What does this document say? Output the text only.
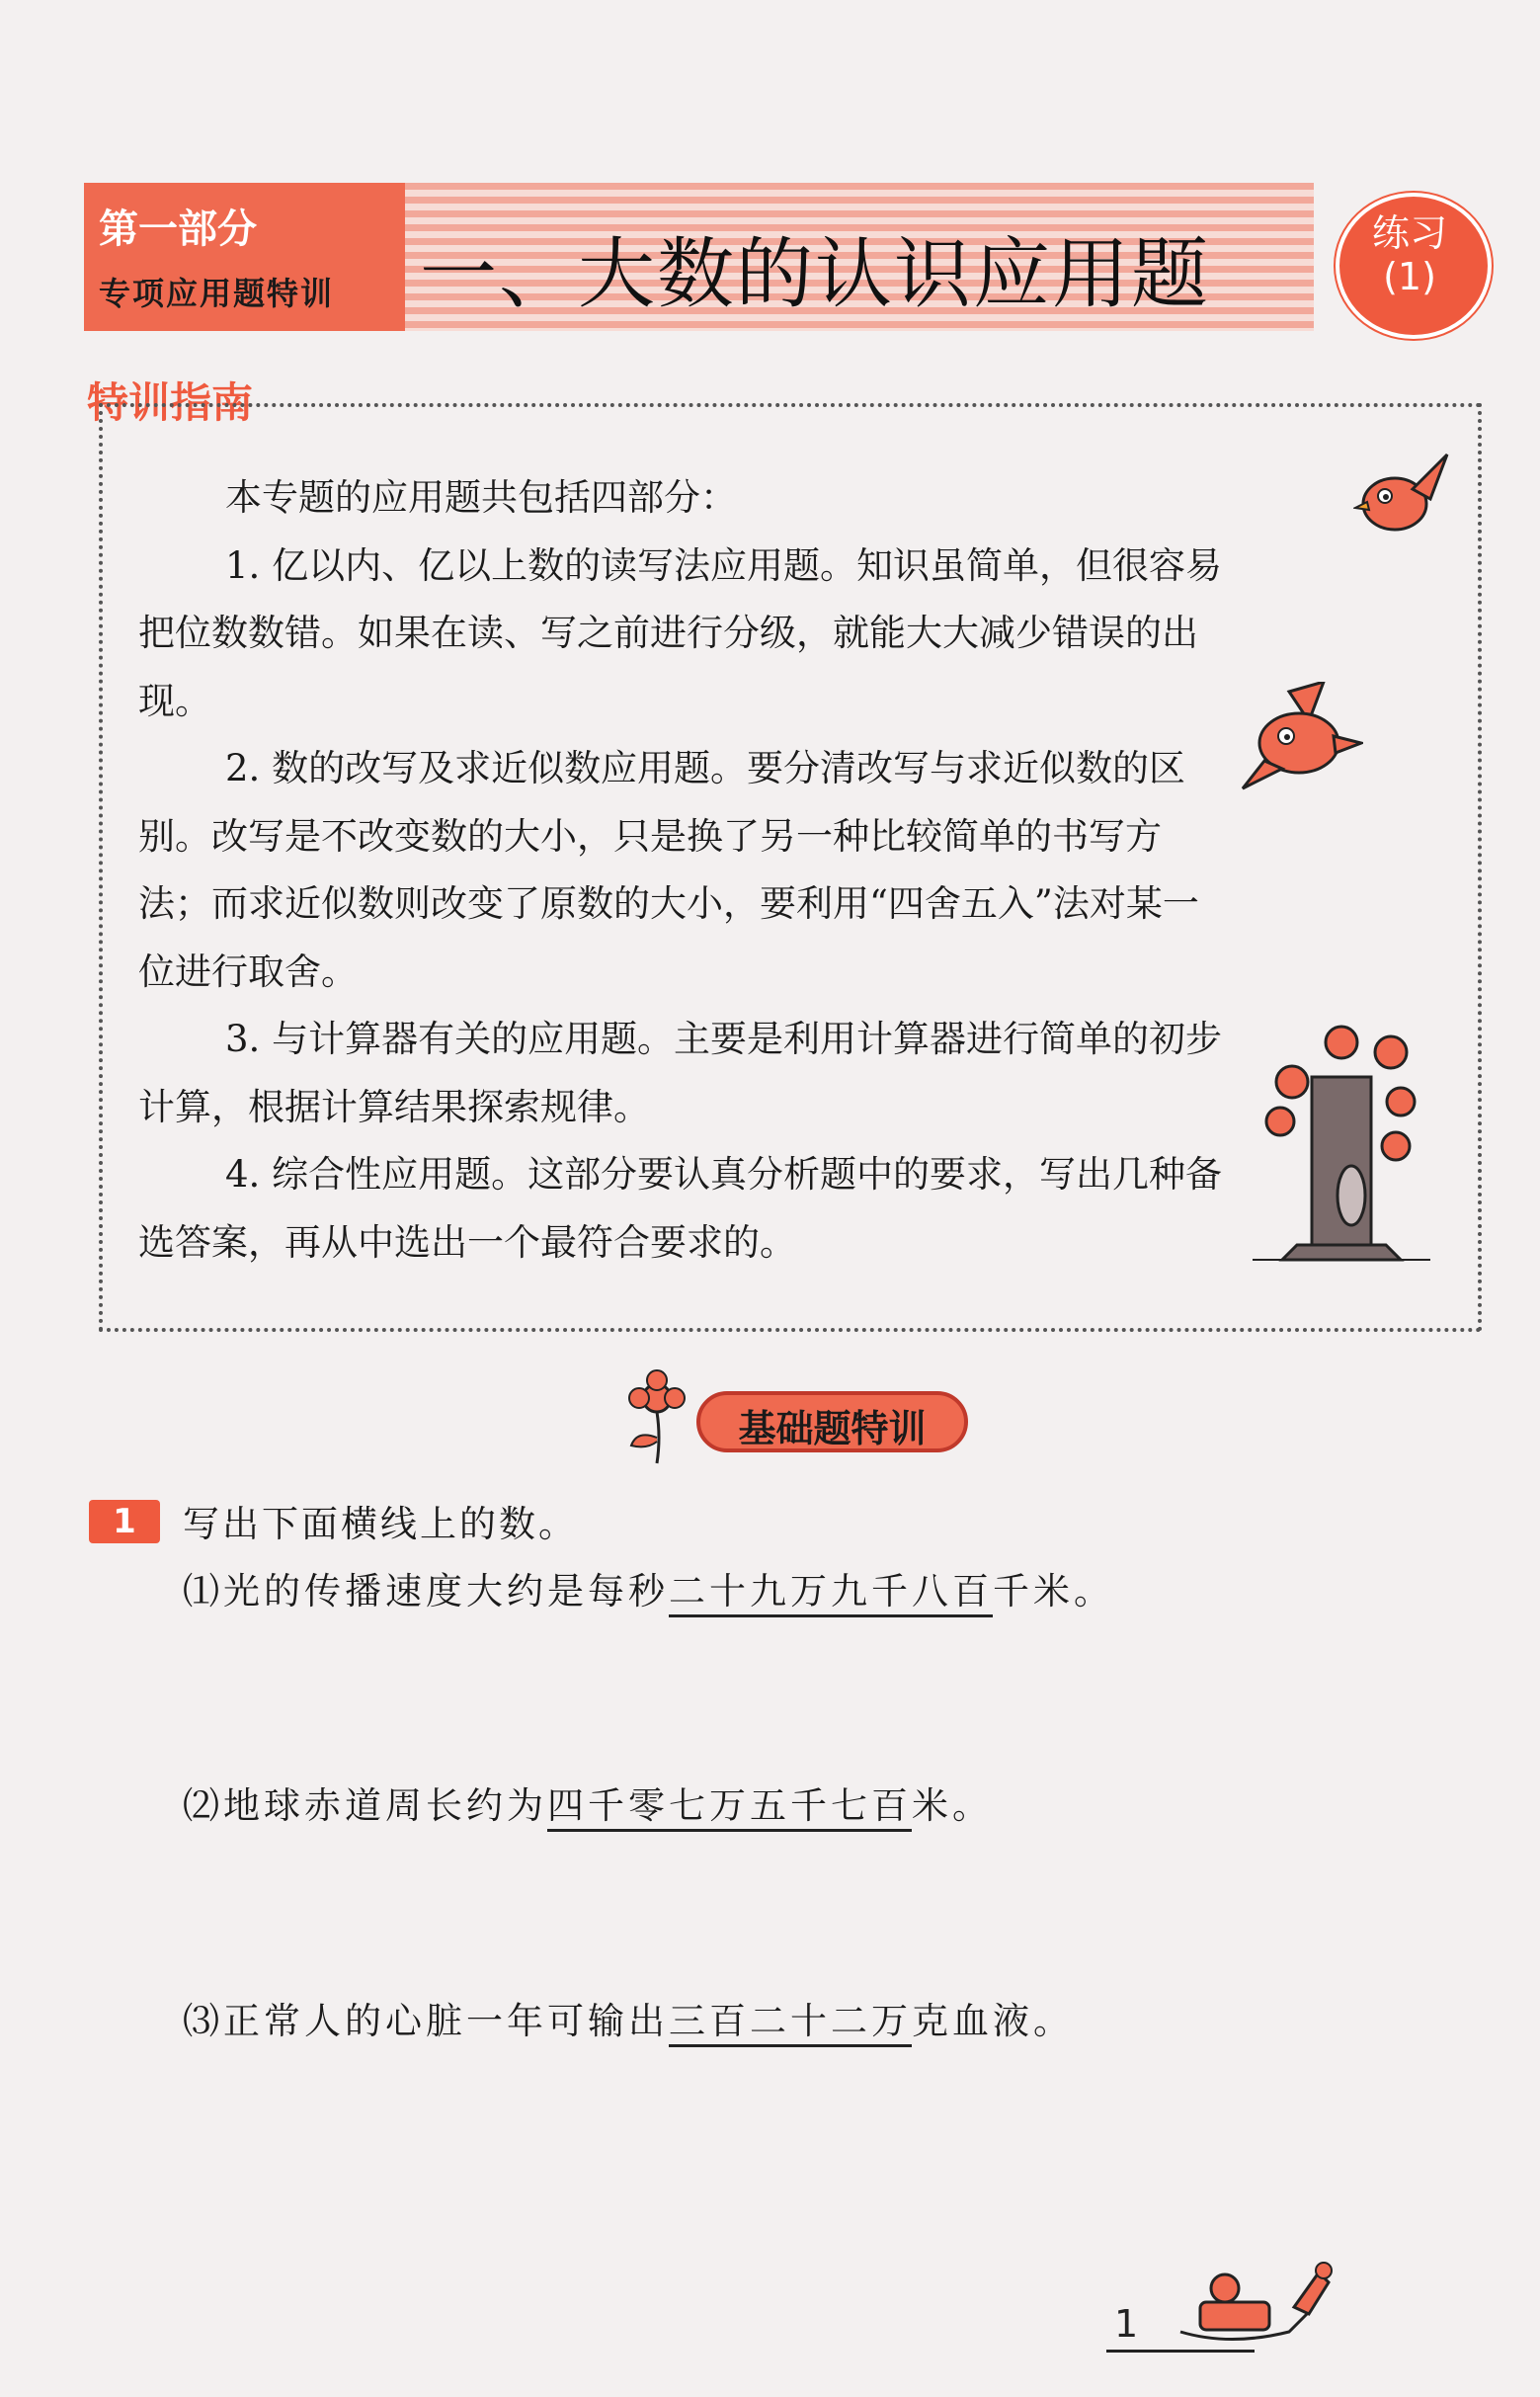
第一部分
专项应用题特训 一、大数的认识应用题	练习
(1)
特训指南

本专题的应用题共包括四部分：

1. 亿以内、亿以上数的读写法应用题。知识虽简单，但很容易把位数数错。如果在读、写之前进行分级，就能大大减少错误的出现。

2. 数的改写及求近似数应用题。要分清改写与求近似数的区别。改写是不改变数的大小，只是换了另一种比较简单的书写方法；而求近似数则改变了原数的大小，要利用“四舍五入”法对某一位进行取舍。

3. 与计算器有关的应用题。主要是利用计算器进行简单的初步计算，根据计算结果探索规律。

4. 综合性应用题。这部分要认真分析题中的要求，写出几种备选答案，再从中选出一个最符合要求的。

基础题特训
1	写出下面横线上的数。
⑴光的传播速度大约是每秒二十九万九千八百千米。
⑵地球赤道周长约为四千零七万五千七百米。
⑶正常人的心脏一年可输出三百二十二万克血液。
1
